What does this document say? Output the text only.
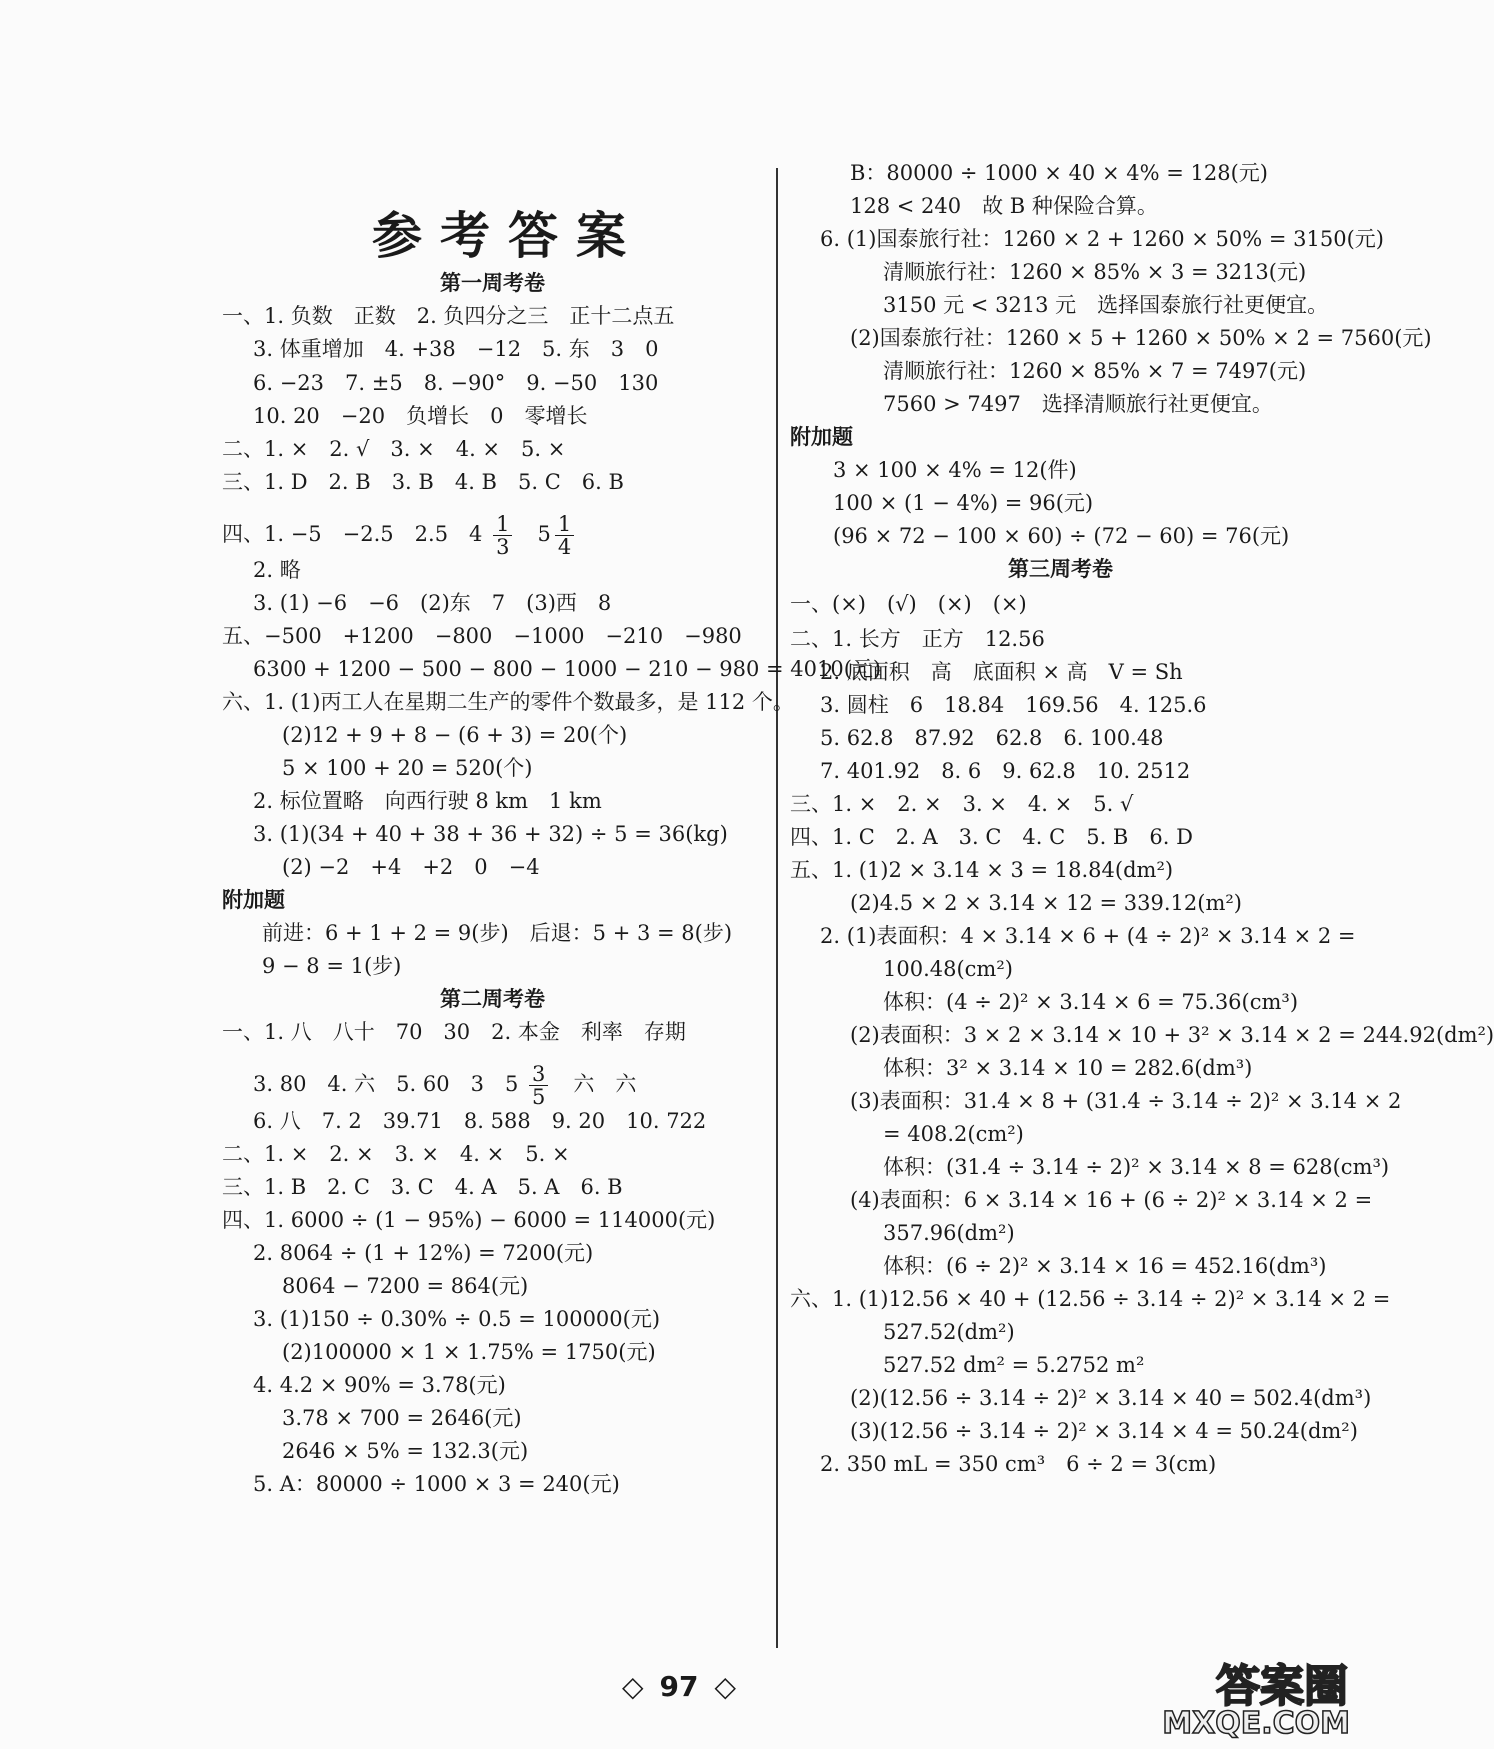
参考答案
第一周考卷
一、1. 负数　正数　2. 负四分之三　正十二点五
3. 体重增加　4. +38　−12　5. 东　3　0
6. −23　7. ±5　8. −90°　9. −50　130
10. 20　−20　负增长　0　零增长
二、1. ×　2. √　3. ×　4. ×　5. ×
三、1. D　2. B　3. B　4. B　5. C　6. B
四、1. −5　−2.5　2.5　$4 \frac{1}{3}$ 　$5 \frac{1}{4}$
2. 略
3. (1) −6　−6　(2)东　7　(3)西　8
五、−500　+1200　−800　−1000　−210　−980
6300 + 1200 − 500 − 800 − 1000 − 210 − 980 = 4010(元)
六、1. (1)丙工人在星期二生产的零件个数最多，是 112 个。
(2)12 + 9 + 8 − (6 + 3) = 20(个)
5 × 100 + 20 = 520(个)
2. 标位置略　向西行驶 8 km　1 km
3. (1)(34 + 40 + 38 + 36 + 32) ÷ 5 = 36(kg)
(2) −2　+4　+2　0　−4
附加题
前进：6 + 1 + 2 = 9(步)　后退：5 + 3 = 8(步)
9 − 8 = 1(步)
第二周考卷
一、1. 八　八十　70　30　2. 本金　利率　存期
3. 80　4. 六　5. 60　3　$5 \frac{3}{5}$ 　六　六
6. 八　7. 2　39.71　8. 588　9. 20　10. 722
二、1. ×　2. ×　3. ×　4. ×　5. ×
三、1. B　2. C　3. C　4. A　5. A　6. B
四、1. 6000 ÷ (1 − 95%) − 6000 = 114000(元)
2. 8064 ÷ (1 + 12%) = 7200(元)
8064 − 7200 = 864(元)
3. (1)150 ÷ 0.30% ÷ 0.5 = 100000(元)
(2)100000 × 1 × 1.75% = 1750(元)
4. 4.2 × 90% = 3.78(元)
3.78 × 700 = 2646(元)
2646 × 5% = 132.3(元)
5. A：80000 ÷ 1000 × 3 = 240(元)
B：80000 ÷ 1000 × 40 × 4% = 128(元)
128 < 240　故 B 种保险合算。
6. (1)国泰旅行社：1260 × 2 + 1260 × 50% = 3150(元)
清顺旅行社：1260 × 85% × 3 = 3213(元)
3150 元 < 3213 元　选择国泰旅行社更便宜。
(2)国泰旅行社：1260 × 5 + 1260 × 50% × 2 = 7560(元)
清顺旅行社：1260 × 85% × 7 = 7497(元)
7560 > 7497　选择清顺旅行社更便宜。
附加题
3 × 100 × 4% = 12(件)
100 × (1 − 4%) = 96(元)
(96 × 72 − 100 × 60) ÷ (72 − 60) = 76(元)
第三周考卷
一、(×)　(√)　(×)　(×)
二、1. 长方　正方　12.56
2. 底面积　高　底面积 × 高　V = Sh
3. 圆柱　6　18.84　169.56　4. 125.6
5. 62.8　87.92　62.8　6. 100.48
7. 401.92　8. 6　9. 62.8　10. 2512
三、1. ×　2. ×　3. ×　4. ×　5. √
四、1. C　2. A　3. C　4. C　5. B　6. D
五、1. (1)2 × 3.14 × 3 = 18.84(dm²)
(2)4.5 × 2 × 3.14 × 12 = 339.12(m²)
2. (1)表面积：4 × 3.14 × 6 + (4 ÷ 2)² × 3.14 × 2 =
100.48(cm²)
体积：(4 ÷ 2)² × 3.14 × 6 = 75.36(cm³)
(2)表面积：3 × 2 × 3.14 × 10 + 3² × 3.14 × 2 = 244.92(dm²)
体积：3² × 3.14 × 10 = 282.6(dm³)
(3)表面积：31.4 × 8 + (31.4 ÷ 3.14 ÷ 2)² × 3.14 × 2
= 408.2(cm²)
体积：(31.4 ÷ 3.14 ÷ 2)² × 3.14 × 8 = 628(cm³)
(4)表面积：6 × 3.14 × 16 + (6 ÷ 2)² × 3.14 × 2 =
357.96(dm²)
体积：(6 ÷ 2)² × 3.14 × 16 = 452.16(dm³)
六、1. (1)12.56 × 40 + (12.56 ÷ 3.14 ÷ 2)² × 3.14 × 2 =
527.52(dm²)
527.52 dm² = 5.2752 m²
(2)(12.56 ÷ 3.14 ÷ 2)² × 3.14 × 40 = 502.4(dm³)
(3)(12.56 ÷ 3.14 ÷ 2)² × 3.14 × 4 = 50.24(dm²)
2. 350 mL = 350 cm³　6 ÷ 2 = 3(cm)
◇ 97 ◇	答案圈
MXQE.COM
